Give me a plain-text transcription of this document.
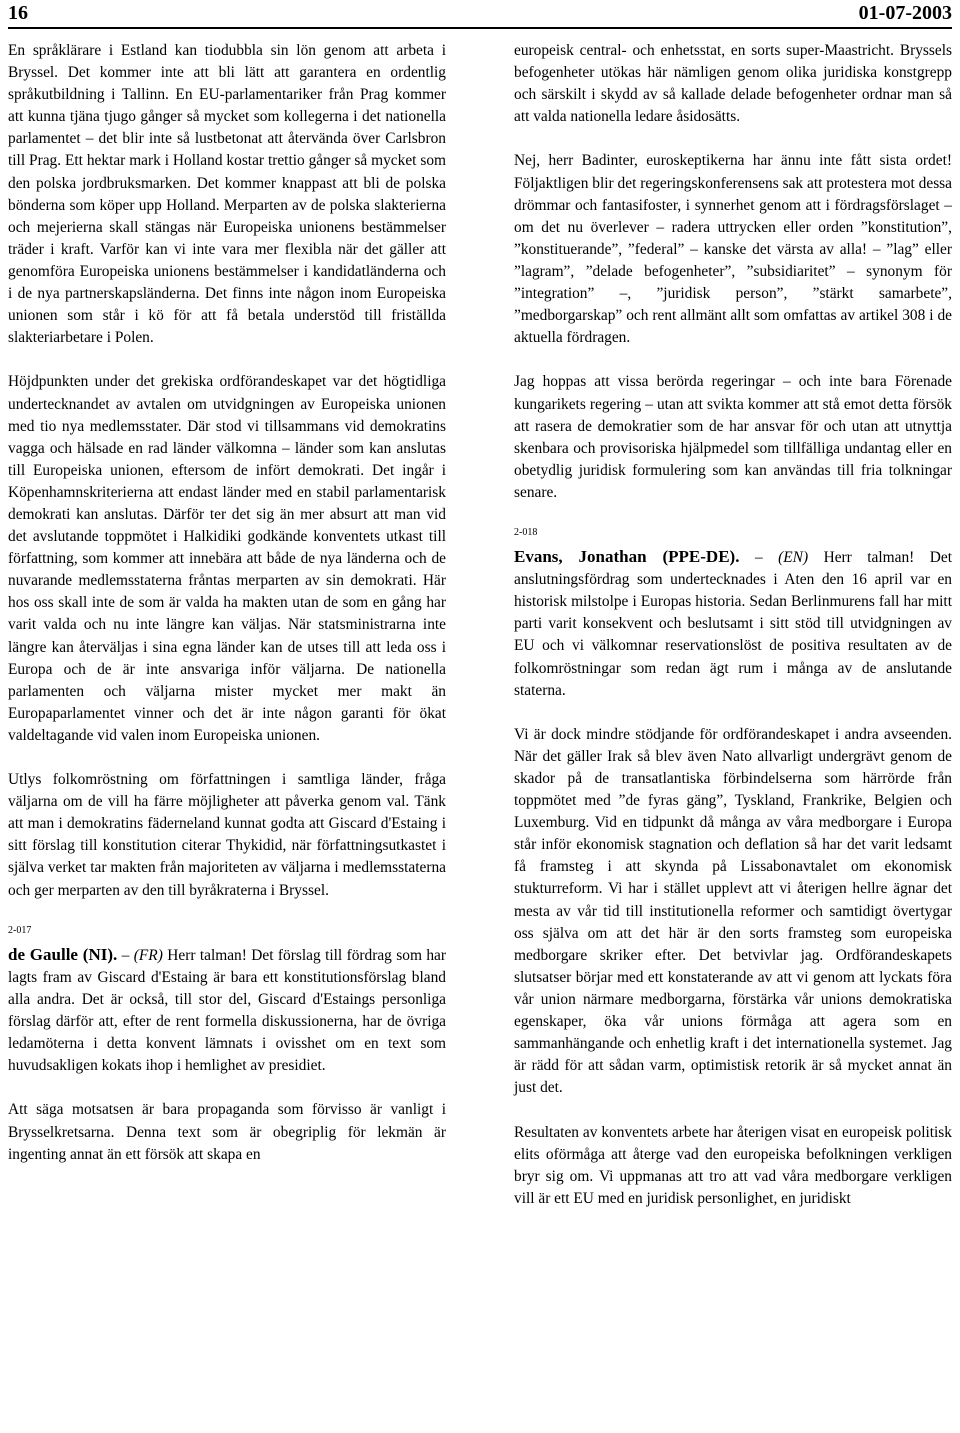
16	01-07-2003

En språklärare i Estland kan tiodubbla sin lön genom att arbeta i Bryssel. Det kommer inte att bli lätt att garantera en ordentlig språkutbildning i Tallinn. En EU-parlamentariker från Prag kommer att kunna tjäna tjugo gånger så mycket som kollegerna i det nationella parlamentet – det blir inte så lustbetonat att återvända över Carlsbron till Prag. Ett hektar mark i Holland kostar trettio gånger så mycket som den polska jordbruksmarken. Det kommer knappast att bli de polska bönderna som köper upp Holland. Merparten av de polska slakterierna och mejerierna skall stängas när Europeiska unionens bestämmelser träder i kraft. Varför kan vi inte vara mer flexibla när det gäller att genomföra Europeiska unionens bestämmelser i kandidatländerna och i de nya partnerskapsländerna. Det finns inte någon inom Europeiska unionen som står i kö för att få betala understöd till friställda slakteriarbetare i Polen.

Höjdpunkten under det grekiska ordförandeskapet var det högtidliga undertecknandet av avtalen om utvidgningen av Europeiska unionen med tio nya medlemsstater. Där stod vi tillsammans vid demokratins vagga och hälsade en rad länder välkomna – länder som kan anslutas till Europeiska unionen, eftersom de infört demokrati. Det ingår i Köpenhamnskriterierna att endast länder med en stabil parlamentarisk demokrati kan anslutas. Därför ter det sig än mer absurt att man vid det avslutande toppmötet i Halkidiki godkände konventets utkast till författning, som kommer att innebära att både de nya länderna och de nuvarande medlemsstaterna fråntas merparten av sin demokrati. Här hos oss skall inte de som är valda ha makten utan de som en gång har varit valda och nu inte längre kan väljas. När statsministrarna inte längre kan återväljas i sina egna länder kan de utses till att leda oss i Europa och de är inte ansvariga inför väljarna. De nationella parlamenten och väljarna mister mycket mer makt än Europaparlamentet vinner och det är inte någon garanti för ökat valdeltagande vid valen inom Europeiska unionen.

Utlys folkomröstning om författningen i samtliga länder, fråga väljarna om de vill ha färre möjligheter att påverka genom val. Tänk att man i demokratins fäderneland kunnat godta att Giscard d'Estaing i sitt förslag till konstitution citerar Thykidid, när författningsutkastet i själva verket tar makten från majoriteten av väljarna i medlemsstaterna och ger merparten av den till byråkraterna i Bryssel.

2-017

de Gaulle (NI). – (FR) Herr talman! Det förslag till fördrag som har lagts fram av Giscard d'Estaing är bara ett konstitutionsförslag bland alla andra. Det är också, till stor del, Giscard d'Estaings personliga förslag därför att, efter de rent formella diskussionerna, har de övriga ledamöterna i detta konvent lämnats i ovisshet om en text som huvudsakligen kokats ihop i hemlighet av presidiet.

Att säga motsatsen är bara propaganda som förvisso är vanligt i Brysselkretsarna. Denna text som är obegriplig för lekmän är ingenting annat än ett försök att skapa en

europeisk central- och enhetsstat, en sorts super-Maastricht. Bryssels befogenheter utökas här nämligen genom olika juridiska konstgrepp och särskilt i skydd av så kallade delade befogenheter ordnar man så att valda nationella ledare åsidosätts.

Nej, herr Badinter, euroskeptikerna har ännu inte fått sista ordet! Följaktligen blir det regeringskonferensens sak att protestera mot dessa drömmar och fantasifoster, i synnerhet genom att i fördragsförslaget – om det nu överlever – radera uttrycken eller orden ”konstitution”, ”konstituerande”, ”federal” – kanske det värsta av alla! – ”lag” eller ”lagram”, ”delade befogenheter”, ”subsidiaritet” – synonym för ”integration” –, ”juridisk person”, ”stärkt samarbete”, ”medborgarskap” och rent allmänt allt som omfattas av artikel 308 i de aktuella fördragen.

Jag hoppas att vissa berörda regeringar – och inte bara Förenade kungarikets regering – utan att svikta kommer att stå emot detta försök att rasera de demokratier som de har ansvar för och utan att utnyttja skenbara och provisoriska hjälpmedel som tillfälliga undantag eller en obetydlig juridisk formulering som kan användas till fria tolkningar senare.

2-018

Evans, Jonathan (PPE-DE). – (EN) Herr talman! Det anslutningsfördrag som undertecknades i Aten den 16 april var en historisk milstolpe i Europas historia. Sedan Berlinmurens fall har mitt parti varit konsekvent och beslutsamt i sitt stöd till utvidgningen av EU och vi välkomnar reservationslöst de positiva resultaten av de folkomröstningar som redan ägt rum i många av de anslutande staterna.

Vi är dock mindre stödjande för ordförandeskapet i andra avseenden. När det gäller Irak så blev även Nato allvarligt undergrävt genom de skador på de transatlantiska förbindelserna som härrörde från toppmötet med ”de fyras gäng”, Tyskland, Frankrike, Belgien och Luxemburg. Vid en tidpunkt då många av våra medborgare i Europa står inför ekonomisk stagnation och deflation så har det varit ledsamt få framsteg i att skynda på Lissabonavtalet om ekonomisk stukturreform. Vi har i stället upplevt att vi återigen hellre ägnar det mesta av vår tid till institutionella reformer och samtidigt övertygar oss själva om att det här är den sorts framsteg som europeiska medborgare skriker efter. Det betvivlar jag. Ordförandeskapets slutsatser börjar med ett konstaterande av att vi genom att lyckats föra vår union närmare medborgarna, förstärka vår unions demokratiska egenskaper, öka vår unions förmåga att agera som en sammanhängande och enhetlig kraft i det internationella systemet. Jag är rädd för att sådan varm, optimistisk retorik är så mycket annat än just det.

Resultaten av konventets arbete har återigen visat en europeisk politisk elits oförmåga att återge vad den europeiska befolkningen verkligen bryr sig om. Vi uppmanas att tro att vad våra medborgare verkligen vill är ett EU med en juridisk personlighet, en juridiskt
